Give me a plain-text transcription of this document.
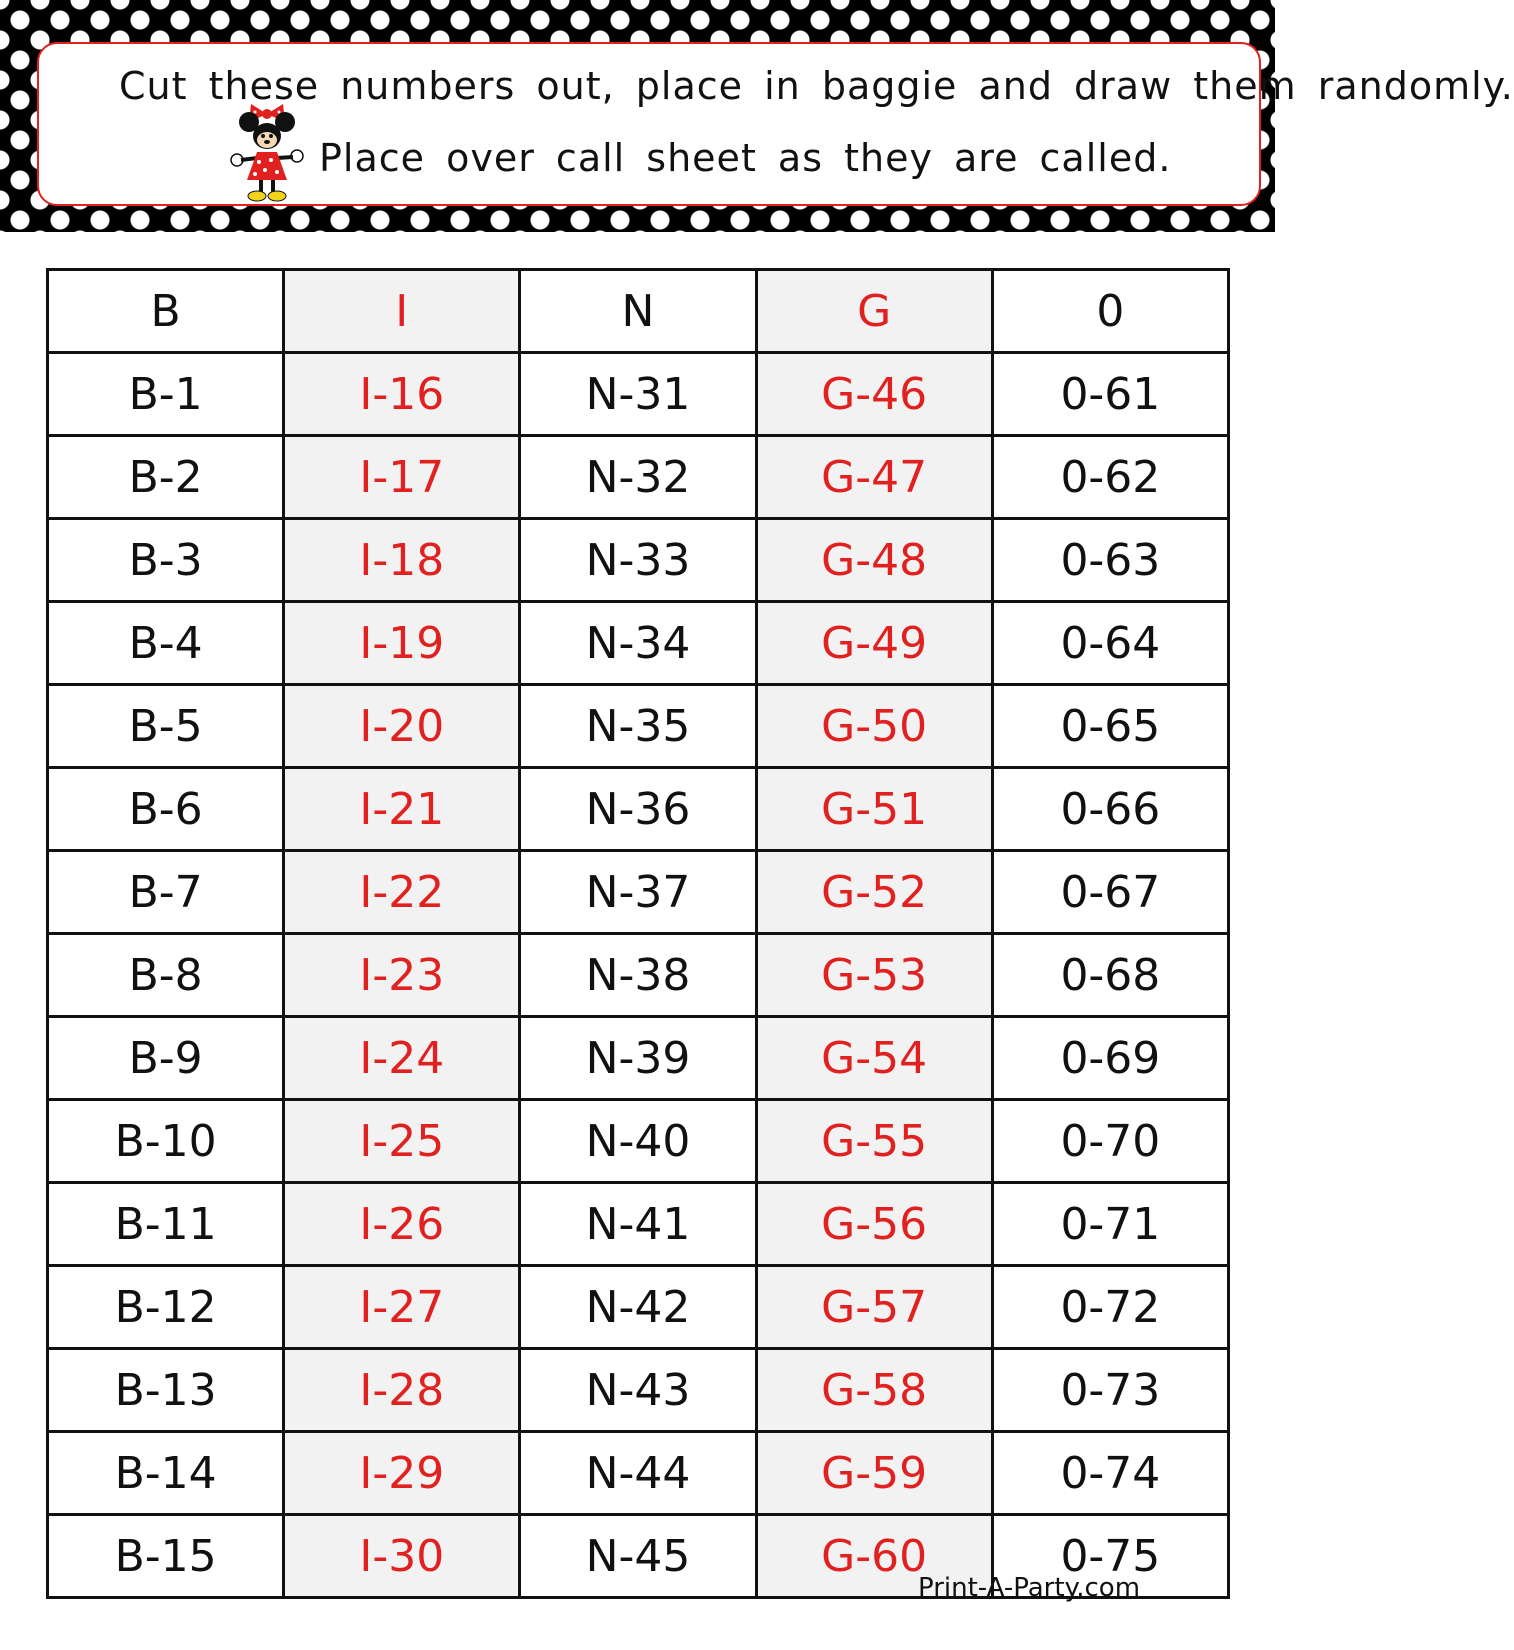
Cut these numbers out, place in baggie and draw them randomly.
Place over call sheet as they are called.
B	I	N	G	0
B-1	I-16	N-31	G-46	0-61
B-2	I-17	N-32	G-47	0-62
B-3	I-18	N-33	G-48	0-63
B-4	I-19	N-34	G-49	0-64
B-5	I-20	N-35	G-50	0-65
B-6	I-21	N-36	G-51	0-66
B-7	I-22	N-37	G-52	0-67
B-8	I-23	N-38	G-53	0-68
B-9	I-24	N-39	G-54	0-69
B-10	I-25	N-40	G-55	0-70
B-11	I-26	N-41	G-56	0-71
B-12	I-27	N-42	G-57	0-72
B-13	I-28	N-43	G-58	0-73
B-14	I-29	N-44	G-59	0-74
B-15	I-30	N-45	G-60	0-75
Print-A-Party.com
